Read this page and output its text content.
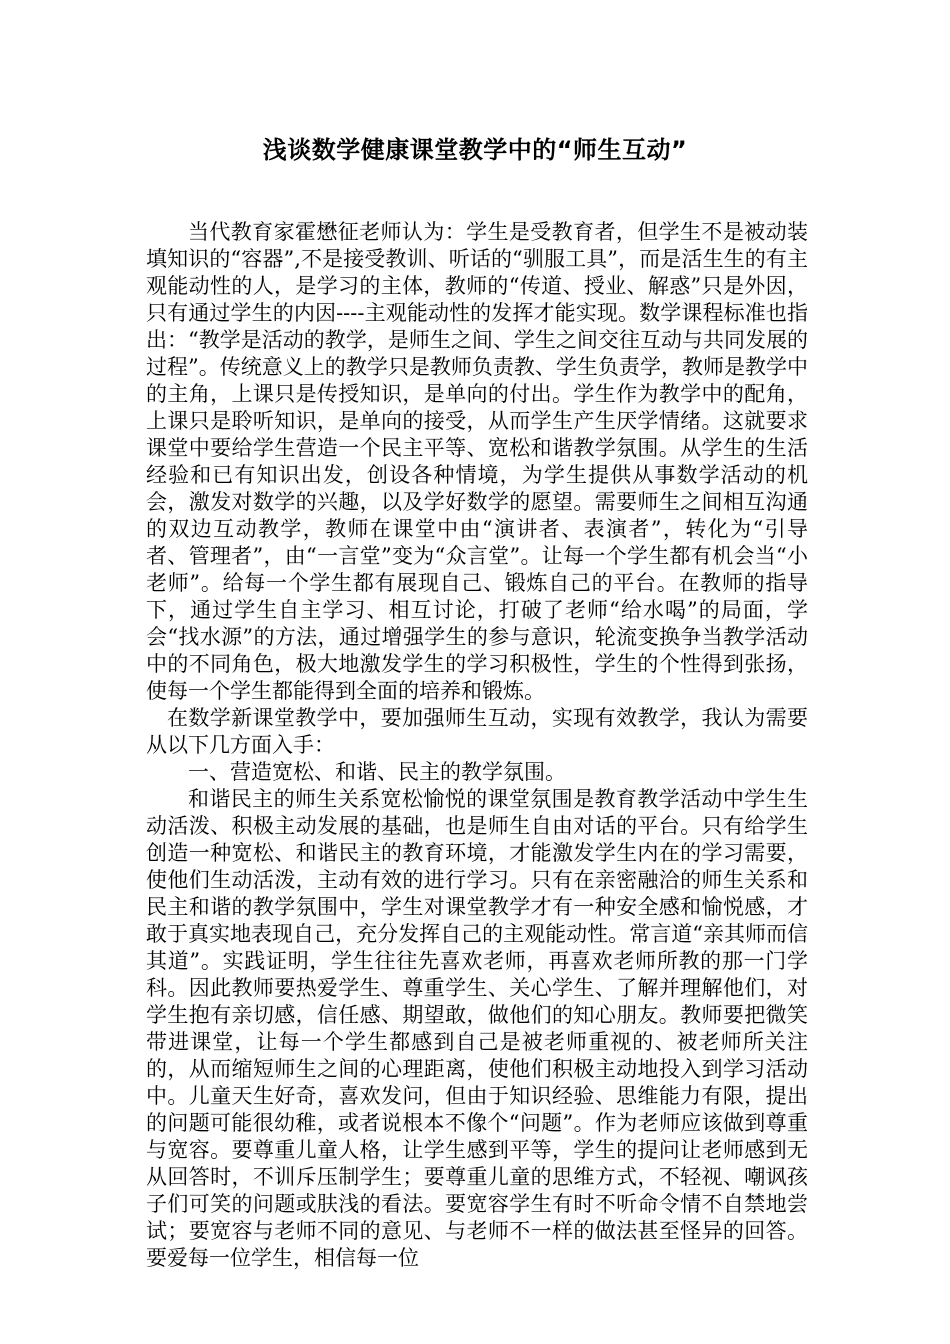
浅谈数学健康课堂教学中的“师生互动”

当代教育家霍懋征老师认为：学生是受教育者，但学生不是被动装填知识的“容器”,不是接受教训、听话的“驯服工具”，而是活生生的有主观能动性的人，是学习的主体，教师的“传道、授业、解惑”只是外因，只有通过学生的内因----主观能动性的发挥才能实现。数学课程标准也指出：“教学是活动的教学，是师生之间、学生之间交往互动与共同发展的过程”。传统意义上的教学只是教师负责教、学生负责学，教师是教学中的主角，上课只是传授知识，是单向的付出。学生作为教学中的配角，上课只是聆听知识，是单向的接受，从而学生产生厌学情绪。这就要求课堂中要给学生营造一个民主平等、宽松和谐教学氛围。从学生的生活经验和已有知识出发，创设各种情境，为学生提供从事数学活动的机会，激发对数学的兴趣，以及学好数学的愿望。需要师生之间相互沟通的双边互动教学，教师在课堂中由“演讲者、表演者”，转化为“引导者、管理者”，由“一言堂”变为“众言堂”。让每一个学生都有机会当“小老师”。给每一个学生都有展现自己、锻炼自己的平台。在教师的指导下，通过学生自主学习、相互讨论，打破了老师“给水喝”的局面，学会“找水源”的方法，通过增强学生的参与意识，轮流变换争当教学活动中的不同角色，极大地激发学生的学习积极性，学生的个性得到张扬，使每一个学生都能得到全面的培养和锻炼。

在数学新课堂教学中，要加强师生互动，实现有效教学，我认为需要从以下几方面入手：

一、营造宽松、和谐、民主的教学氛围。

和谐民主的师生关系宽松愉悦的课堂氛围是教育教学活动中学生生动活泼、积极主动发展的基础，也是师生自由对话的平台。只有给学生创造一种宽松、和谐民主的教育环境，才能激发学生内在的学习需要，使他们生动活泼，主动有效的进行学习。只有在亲密融洽的师生关系和民主和谐的教学氛围中，学生对课堂教学才有一种安全感和愉悦感，才敢于真实地表现自己，充分发挥自己的主观能动性。常言道“亲其师而信其道”。实践证明，学生往往先喜欢老师，再喜欢老师所教的那一门学科。因此教师要热爱学生、尊重学生、关心学生、了解并理解他们，对学生抱有亲切感，信任感、期望敢，做他们的知心朋友。教师要把微笑带进课堂，让每一个学生都感到自己是被老师重视的、被老师所关注的，从而缩短师生之间的心理距离，使他们积极主动地投入到学习活动中。儿童天生好奇，喜欢发问，但由于知识经验、思维能力有限，提出的问题可能很幼稚，或者说根本不像个“问题”。作为老师应该做到尊重与宽容。要尊重儿童人格，让学生感到平等，学生的提问让老师感到无从回答时，不训斥压制学生；要尊重儿童的思维方式，不轻视、嘲讽孩子们可笑的问题或肤浅的看法。要宽容学生有时不听命令情不自禁地尝试；要宽容与老师不同的意见、与老师不一样的做法甚至怪异的回答。要爱每一位学生，相信每一位
